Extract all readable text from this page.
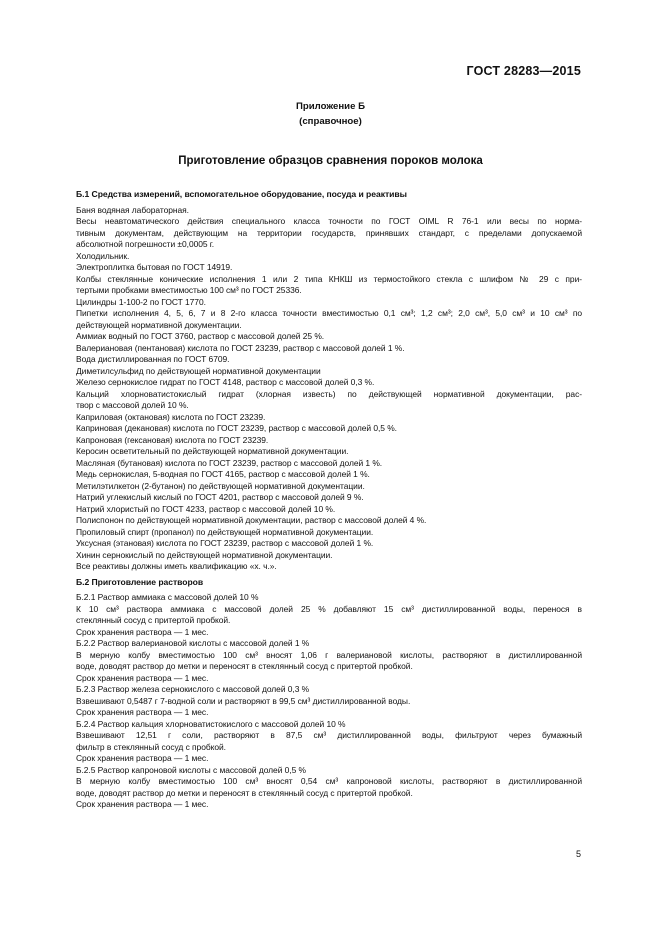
ГОСТ 28283—2015
Приложение Б
(справочное)
Приготовление образцов сравнения пороков молока
Б.1 Средства измерений, вспомогательное оборудование, посуда и реактивы
Баня водяная лабораторная.
Весы неавтоматического действия специального класса точности по ГОСТ OIML R 76-1 или весы по норма-
тивным документам, действующим на территории государств, принявших стандарт, с пределами допускаемой
абсолютной погрешности ±0,0005 г.
Холодильник.
Электроплитка бытовая по ГОСТ 14919.
Колбы стеклянные конические исполнения 1 или 2 типа КНКШ из термостойкого стекла с шлифом № 29 с при-
тертыми пробками вместимостью 100 см³ по ГОСТ 25336.
Цилиндры 1-100-2 по ГОСТ 1770.
Пипетки исполнения 4, 5, 6, 7 и 8 2-го класса точности вместимостью 0,1 см³; 1,2 см³; 2,0 см³, 5,0 см³ и 10 см³ по
действующей нормативной документации.
Аммиак водный по ГОСТ 3760, раствор с массовой долей 25 %.
Валериановая (пентановая) кислота по ГОСТ 23239, раствор с массовой долей 1 %.
Вода дистиллированная по ГОСТ 6709.
Диметилсульфид по действующей нормативной документации
Железо сернокислое гидрат по ГОСТ 4148, раствор с массовой долей 0,3 %.
Кальций хлорноватистокислый гидрат (хлорная известь) по действующей нормативной документации, рас-
твор с массовой долей 10 %.
Каприловая (октановая) кислота по ГОСТ 23239.
Каприновая (декановая) кислота по ГОСТ 23239, раствор с массовой долей 0,5 %.
Капроновая (гексановая) кислота по ГОСТ 23239.
Керосин осветительный по действующей нормативной документации.
Масляная (бутановая) кислота по ГОСТ 23239, раствор с массовой долей 1 %.
Медь сернокислая, 5-водная по ГОСТ 4165, раствор с массовой долей 1 %.
Метилэтилкетон (2-бутанон) по действующей нормативной документации.
Натрий углекислый кислый по ГОСТ 4201, раствор с массовой долей 9 %.
Натрий хлористый по ГОСТ 4233, раствор с массовой долей 10 %.
Полиспонон по действующей нормативной документации, раствор с массовой долей 4 %.
Пропиловый спирт (пропанол) по действующей нормативной документации.
Уксусная (этановая) кислота по ГОСТ 23239, раствор с массовой долей 1 %.
Хинин сернокислый по действующей нормативной документации.
Все реактивы должны иметь квалификацию «х. ч.».
Б.2 Приготовление растворов
Б.2.1 Раствор аммиака с массовой долей 10 %
К 10 см³ раствора аммиака с массовой долей 25 % добавляют 15 см³ дистиллированной воды, перенося в
стеклянный сосуд с притертой пробкой.
Срок хранения раствора — 1 мес.
Б.2.2 Раствор валериановой кислоты с массовой долей 1 %
В мерную колбу вместимостью 100 см³ вносят 1,06 г валериановой кислоты, растворяют в дистиллированной
воде, доводят раствор до метки и переносят в стеклянный сосуд с притертой пробкой.
Срок хранения раствора — 1 мес.
Б.2.3 Раствор железа сернокислого с массовой долей 0,3 %
Взвешивают 0,5487 г 7-водной соли и растворяют в 99,5 см³ дистиллированной воды.
Срок хранения раствора — 1 мес.
Б.2.4 Раствор кальция хлорноватистокислого с массовой долей 10 %
Взвешивают 12,51 г соли, растворяют в 87,5 см³ дистиллированной воды, фильтруют через бумажный
фильтр в стеклянный сосуд с пробкой.
Срок хранения раствора — 1 мес.
Б.2.5 Раствор капроновой кислоты с массовой долей 0,5 %
В мерную колбу вместимостью 100 см³ вносят 0,54 см³ капроновой кислоты, растворяют в дистиллированной
воде, доводят раствор до метки и переносят в стеклянный сосуд с притертой пробкой.
Срок хранения раствора — 1 мес.
5
